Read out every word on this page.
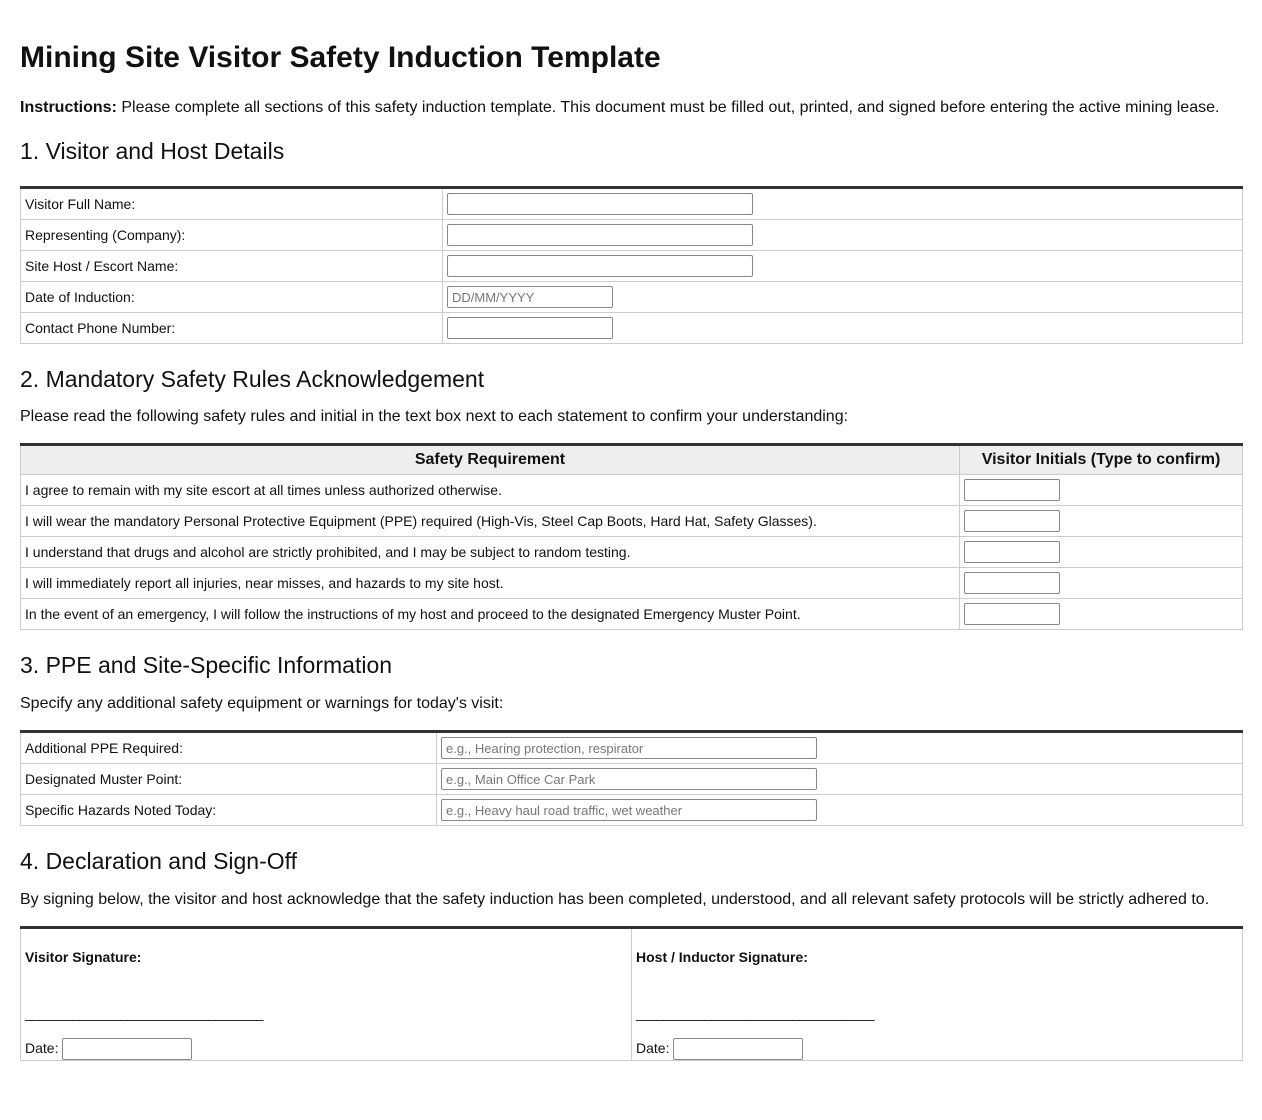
Mining Site Visitor Safety Induction Template

Instructions: Please complete all sections of this safety induction template. This document must be filled out, printed, and signed before entering the active mining lease.

1. Visitor and Host Details
Visitor Full Name:	
Representing (Company):	
Site Host / Escort Name:	
Date of Induction:	DD/MM/YYYY
Contact Phone Number:	
2. Mandatory Safety Rules Acknowledgement

Please read the following safety rules and initial in the text box next to each statement to confirm your understanding:

Safety Requirement	Visitor Initials (Type to confirm)
I agree to remain with my site escort at all times unless authorized otherwise.	
I will wear the mandatory Personal Protective Equipment (PPE) required (High-Vis, Steel Cap Boots, Hard Hat, Safety Glasses).	
I understand that drugs and alcohol are strictly prohibited, and I may be subject to random testing.	
I will immediately report all injuries, near misses, and hazards to my site host.	
In the event of an emergency, I will follow the instructions of my host and proceed to the designated Emergency Muster Point.	
3. PPE and Site-Specific Information

Specify any additional safety equipment or warnings for today's visit:

Additional PPE Required:	e.g., Hearing protection, respirator
Designated Muster Point:	e.g., Main Office Car Park
Specific Hazards Noted Today:	e.g., Heavy haul road traffic, wet weather
4. Declaration and Sign-Off

By signing below, the visitor and host acknowledge that the safety induction has been completed, understood, and all relevant safety protocols will be strictly adhered to.

Visitor Signature:
___________________________________
Date:

Host / Inductor Signature:
___________________________________
Date:
